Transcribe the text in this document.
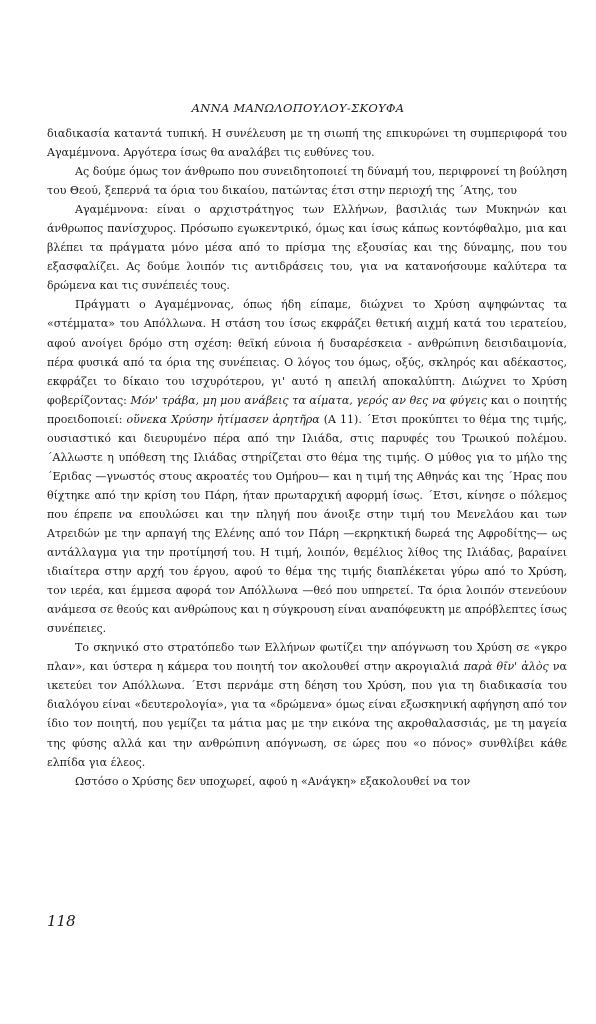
ΑΝΝΑ ΜΑΝΩΛΟΠΟΥΛΟΥ-ΣΚΟΥΦΑ

διαδικασία καταντά τυπική. Η συνέλευση με τη σιωπή της επικυρώνει τη συμπεριφορά του Αγαμέμνονα. Αργότερα ίσως θα αναλάβει τις ευθύνες του.

Ας δούμε όμως τον άνθρωπο που συνειδητοποιεί τη δύναμή του, περιφρονεί τη βούληση του Θεού, ξεπερνά τα όρια του δικαίου, πατώντας έτσι στην περιοχή της ΄Ατης, του

Αγαμέμνονα: είναι ο αρχιστράτηγος των Ελλήνων, βασιλιάς των Μυκηνών και άνθρωπος πανίσχυρος. Πρόσωπο εγωκεντρικό, όμως και ίσως κάπως κοντόφθαλμο, μια και βλέπει τα πράγματα μόνο μέσα από το πρίσμα της εξουσίας και της δύναμης, που του εξασφαλίζει. Ας δούμε λοιπόν τις αντιδράσεις του, για να κατανοήσουμε καλύτερα τα δρώμενα και τις συνέπειές τους.

Πράγματι ο Αγαμέμνονας, όπως ήδη είπαμε, διώχνει το Χρύση αψηφώντας τα «στέμματα» του Απόλλωνα. Η στάση του ίσως εκφράζει θετική αιχμή κατά του ιερατείου, αφού ανοίγει δρόμο στη σχέση: θεϊκή εύνοια ή δυσαρέσκεια - ανθρώπινη δεισιδαιμονία, πέρα φυσικά από τα όρια της συνέπειας. Ο λόγος του όμως, οξύς, σκληρός και αδέκαστος, εκφράζει το δίκαιο του ισχυρότερου, γι' αυτό η απειλή αποκαλύπτη. Διώχνει το Χρύση φοβερίζοντας: Μόν' τράβα, μη μου ανάβεις τα αίματα, γερός αν θες να φύγεις και ο ποιητής προειδοποιεί: οὕνεκα Χρύσην ἠτίμασεν ἀρητῆρα (Α 11). ΄Ετσι προκύπτει το θέμα της τιμής, ουσιαστικό και διευρυμένο πέρα από την Ιλιάδα, στις παρυφές του Τρωικού πολέμου. ΄Αλλωστε η υπόθεση της Ιλιάδας στηρίζεται στο θέμα της τιμής. Ο μύθος για το μήλο της ΄Εριδας —γνωστός στους ακροατές του Ομήρου— και η τιμή της Αθηνάς και της ΄Ηρας που θίχτηκε από την κρίση του Πάρη, ήταν πρωταρχική αφορμή ίσως. ΄Ετσι, κίνησε ο πόλεμος που έπρεπε να επουλώσει και την πληγή που άνοιξε στην τιμή του Μενελάου και των Ατρειδών με την αρπαγή της Ελένης από τον Πάρη —εκρηκτική δωρεά της Αφροδίτης— ως αντάλλαγμα για την προτίμησή του. Η τιμή, λοιπόν, θεμέλιος λίθος της Ιλιάδας, βαραίνει ιδιαίτερα στην αρχή του έργου, αφού το θέμα της τιμής διαπλέκεται γύρω από το Χρύση, τον ιερέα, και έμμεσα αφορά τον Απόλλωνα —θεό που υπηρετεί. Τα όρια λοιπόν στενεύουν ανάμεσα σε θεούς και ανθρώπους και η σύγκρουση είναι αναπόφευκτη με απρόβλεπτες ίσως συνέπειες.

Το σκηνικό στο στρατόπεδο των Ελλήνων φωτίζει την απόγνωση του Χρύση σε «γκρο πλαν», και ύστερα η κάμερα του ποιητή τον ακολουθεί στην ακρογιαλιά παρὰ θῖν' ἁλὸς να ικετεύει τον Απόλλωνα. ΄Ετσι περνάμε στη δέηση του Χρύση, που για τη διαδικασία του διαλόγου είναι «δευτερολογία», για τα «δρώμενα» όμως είναι εξωσκηνική αφήγηση από τον ίδιο τον ποιητή, που γεμίζει τα μάτια μας με την εικόνα της ακροθαλασσιάς, με τη μαγεία της φύσης αλλά και την ανθρώπινη απόγνωση, σε ώρες που «ο πόνος» συνθλίβει κάθε ελπίδα για έλεος.

Ωστόσο ο Χρύσης δεν υποχωρεί, αφού η «Ανάγκη» εξακολουθεί να τον

118
